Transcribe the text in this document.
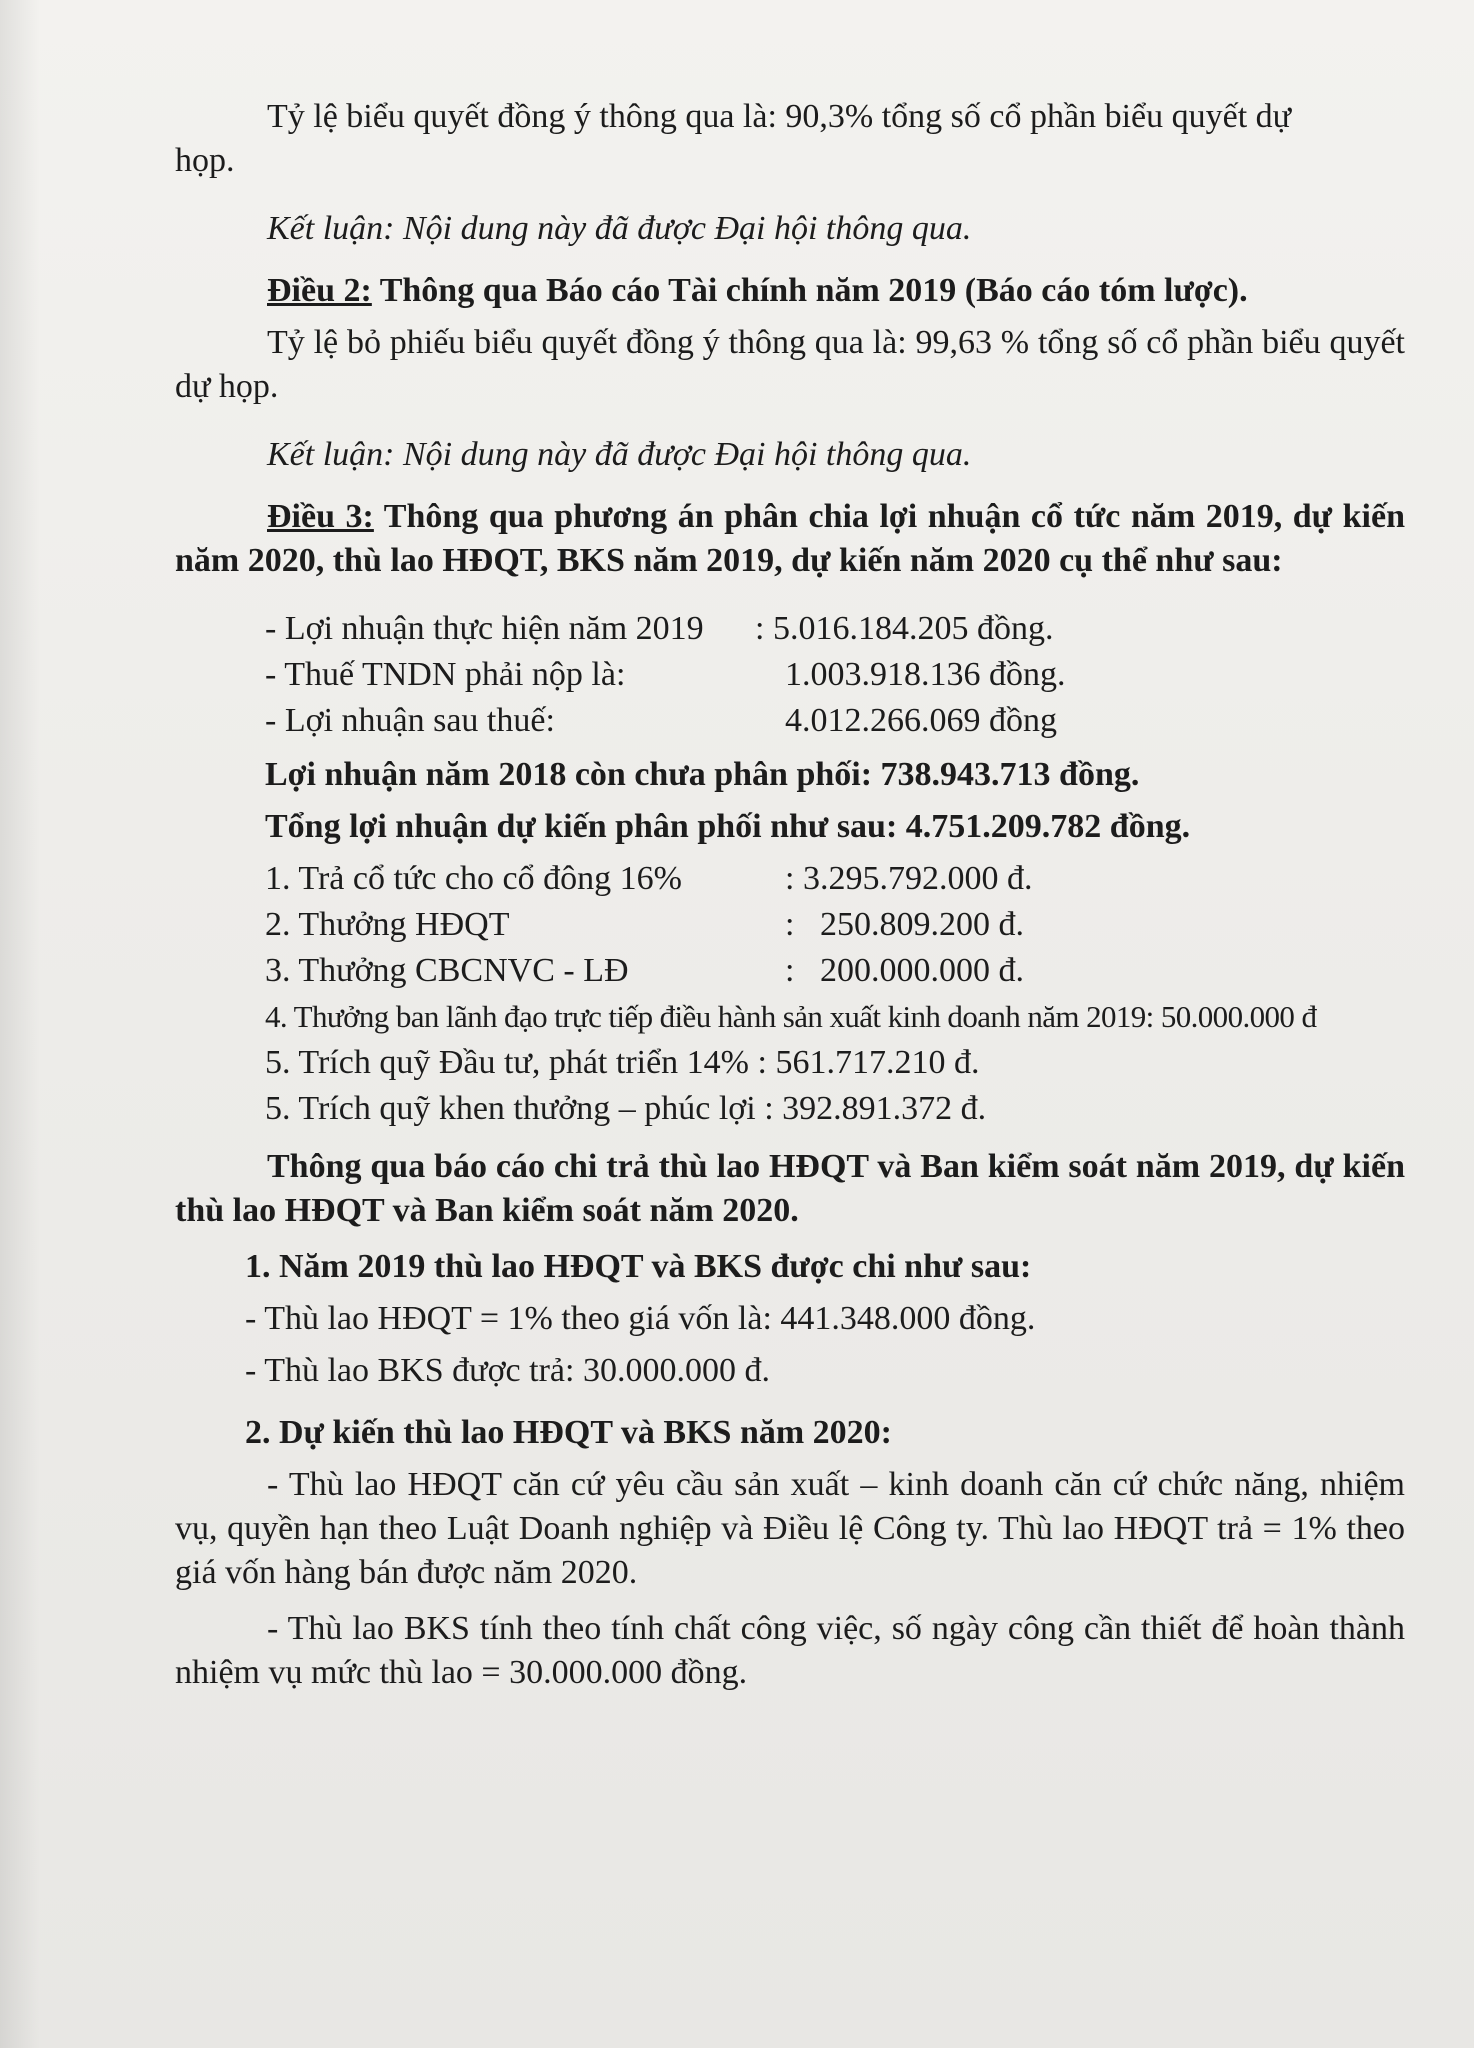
Tỷ lệ biểu quyết đồng ý thông qua là: 90,3% tổng số cổ phần biểu quyết dự

họp.

Kết luận: Nội dung này đã được Đại hội thông qua.

Điều 2: Thông qua Báo cáo Tài chính năm 2019 (Báo cáo tóm lược).

Tỷ lệ bỏ phiếu biểu quyết đồng ý thông qua là: 99,63 % tổng số cổ phần biểu quyết dự họp.

Kết luận: Nội dung này đã được Đại hội thông qua.

Điều 3: Thông qua phương án phân chia lợi nhuận cổ tức năm 2019, dự kiến năm 2020, thù lao HĐQT, BKS năm 2019, dự kiến năm 2020 cụ thể như sau:

- Lợi nhuận thực hiện năm 2019 : 5.016.184.205 đồng.
- Thuế TNDN phải nộp là:	1.003.918.136 đồng.
- Lợi nhuận sau thuế:	4.012.266.069 đồng

Lợi nhuận năm 2018 còn chưa phân phối: 738.943.713 đồng.

Tổng lợi nhuận dự kiến phân phối như sau: 4.751.209.782 đồng.

1. Trả cổ tức cho cổ đông 16%	: 3.295.792.000 đ.
2. Thưởng HĐQT	:   250.809.200 đ.
3. Thưởng CBCNVC - LĐ	:   200.000.000 đ.
4. Thưởng ban lãnh đạo trực tiếp điều hành sản xuất kinh doanh năm 2019: 50.000.000 đ
5. Trích quỹ Đầu tư, phát triển 14% : 561.717.210 đ.
5. Trích quỹ khen thưởng – phúc lợi : 392.891.372 đ.

Thông qua báo cáo chi trả thù lao HĐQT và Ban kiểm soát năm 2019, dự kiến thù lao HĐQT và Ban kiểm soát năm 2020.

1. Năm 2019 thù lao HĐQT và BKS được chi như sau:

- Thù lao HĐQT = 1% theo giá vốn là: 441.348.000 đồng.

- Thù lao BKS được trả: 30.000.000 đ.

2. Dự kiến thù lao HĐQT và BKS năm 2020:

- Thù lao HĐQT căn cứ yêu cầu sản xuất – kinh doanh căn cứ chức năng, nhiệm vụ, quyền hạn theo Luật Doanh nghiệp và Điều lệ Công ty. Thù lao HĐQT trả = 1% theo giá vốn hàng bán được năm 2020.

- Thù lao BKS tính theo tính chất công việc, số ngày công cần thiết để hoàn thành nhiệm vụ mức thù lao = 30.000.000 đồng.
